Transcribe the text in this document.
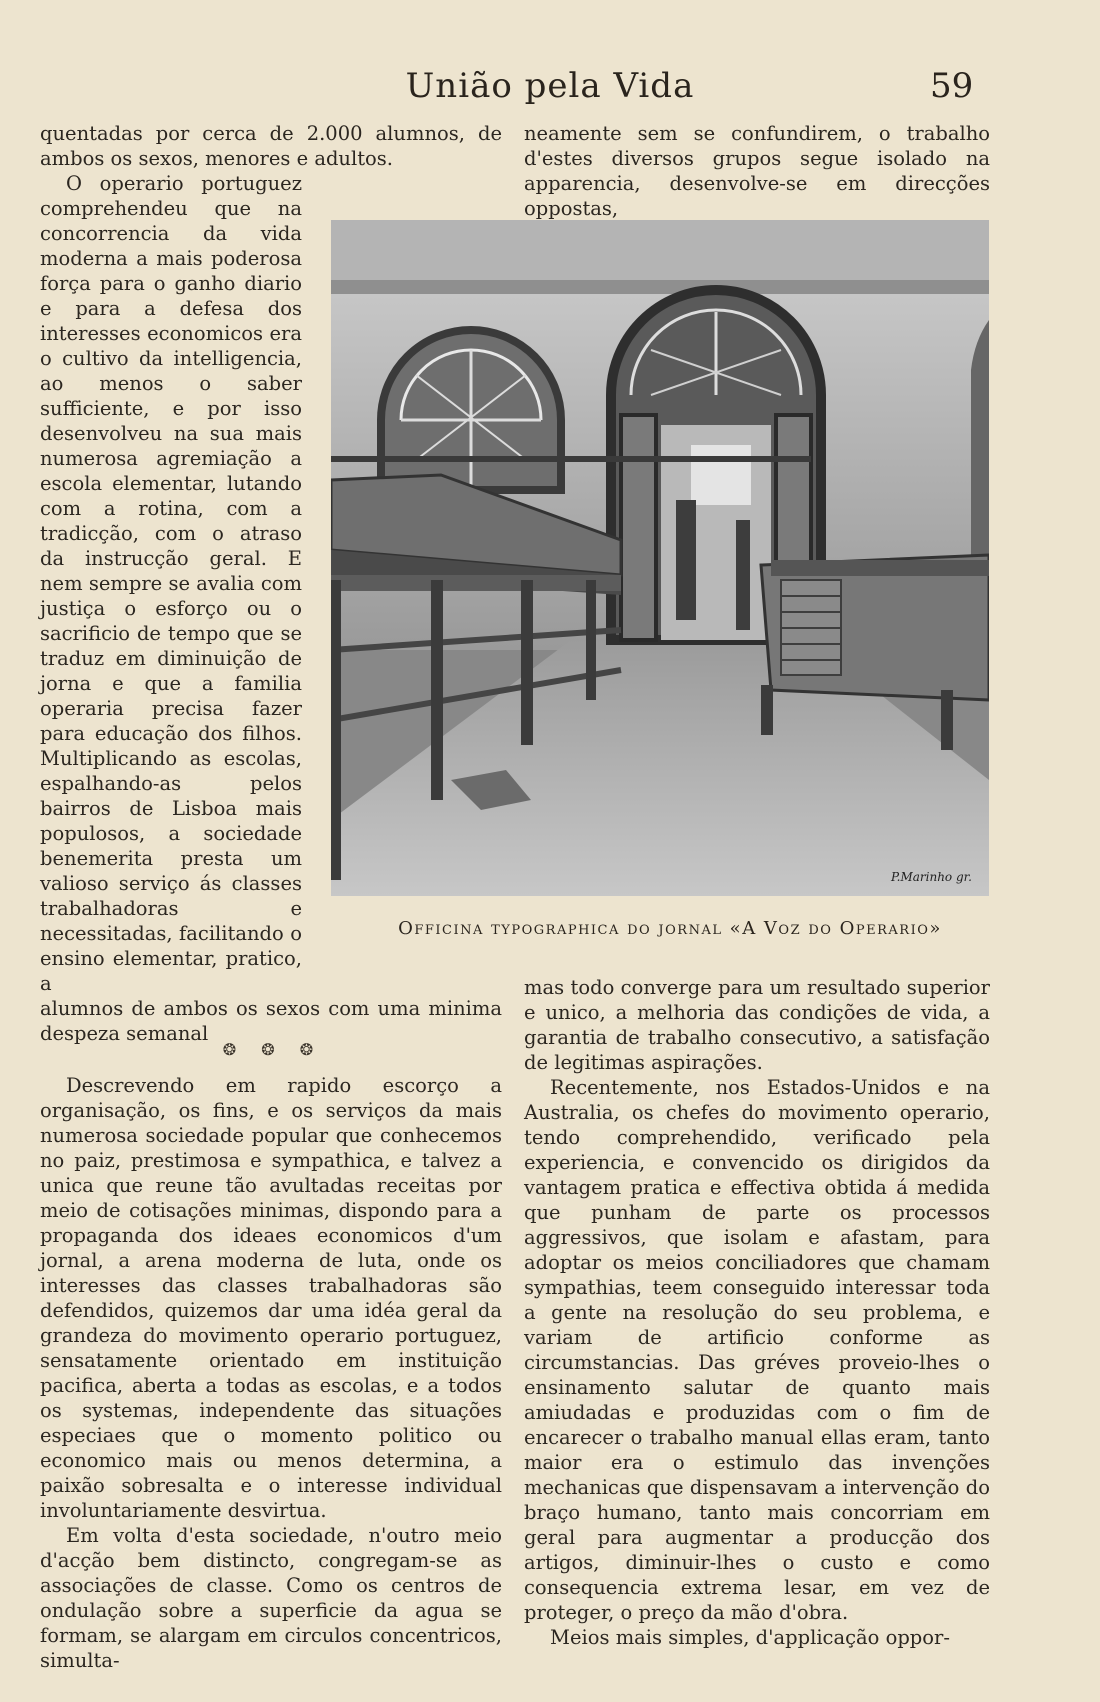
União pela Vida	59

neamente sem se confundirem, o trabalho d'estes diversos grupos segue isolado na apparencia, desenvolve-se em direcções oppostas,

quentadas por cerca de 2.000 alumnos, de ambos os sexos, menores e adultos.

O operario portuguez comprehendeu que na concorrencia da vida moderna a mais poderosa força para o ganho diario e para a defesa dos interesses economicos era o cultivo da intelligencia, ao menos o saber sufficiente, e por isso desenvolveu na sua mais numerosa agremiação a escola elementar, lutando com a rotina, com a tradicção, com o atraso da instrucção geral. E nem sempre se avalia com justiça o esforço ou o sacrificio de tempo que se traduz em diminuição de jorna e que a familia operaria precisa fazer para educação dos filhos. Multiplicando as escolas, espalhando-as pelos bairros de Lisboa mais populosos, a sociedade benemerita presta um valioso serviço ás classes trabalhadoras e necessitadas, facilitando o ensino elementar, pratico, a

alumnos de ambos os sexos com uma minima despeza semanal

❂ ❂ ❂

Descrevendo em rapido escorço a organisação, os fins, e os serviços da mais numerosa sociedade popular que conhecemos no paiz, prestimosa e sympathica, e talvez a unica que reune tão avultadas receitas por meio de cotisações minimas, dispondo para a propaganda dos ideaes economicos d'um jornal, a arena moderna de luta, onde os interesses das classes trabalhadoras são defendidos, quizemos dar uma idéa geral da grandeza do movimento operario portuguez, sensatamente orientado em instituição pacifica, aberta a todas as escolas, e a todos os systemas, independente das situações especiaes que o momento politico ou economico mais ou menos determina, a paixão sobresalta e o interesse individual involuntariamente desvirtua.

Em volta d'esta sociedade, n'outro meio d'acção bem distincto, congregam-se as associações de classe. Como os centros de ondulação sobre a superficie da agua se formam, se alargam em circulos concentricos, simulta-

P.Marinho gr.
Officina typographica do jornal «A Voz do Operario»

mas todo converge para um resultado superior e unico, a melhoria das condições de vida, a garantia de trabalho consecutivo, a satisfação de legitimas aspirações.

Recentemente, nos Estados-Unidos e na Australia, os chefes do movimento operario, tendo comprehendido, verificado pela experiencia, e convencido os dirigidos da vantagem pratica e effectiva obtida á medida que punham de parte os processos aggressivos, que isolam e afastam, para adoptar os meios conciliadores que chamam sympathias, teem conseguido interessar toda a gente na resolução do seu problema, e variam de artificio conforme as circumstancias. Das gréves proveio-lhes o ensinamento salutar de quanto mais amiudadas e produzidas com o fim de encarecer o trabalho manual ellas eram, tanto maior era o estimulo das invenções mechanicas que dispensavam a intervenção do braço humano, tanto mais concorriam em geral para augmentar a producção dos artigos, diminuir-lhes o custo e como consequencia extrema lesar, em vez de proteger, o preço da mão d'obra.

Meios mais simples, d'applicação oppor-
